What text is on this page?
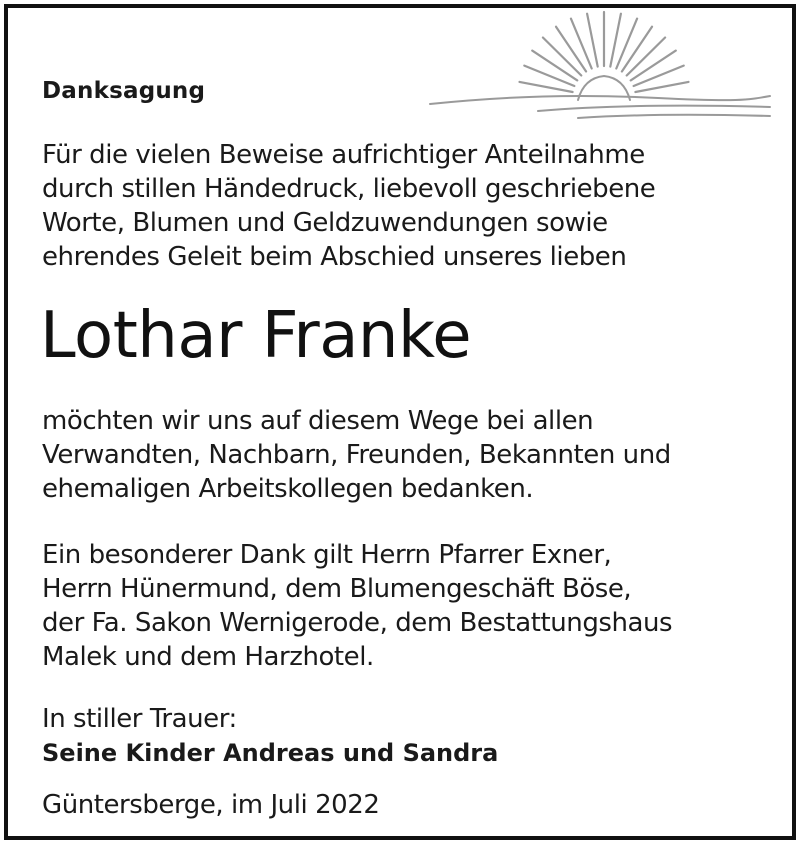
Danksagung

Für die vielen Beweise aufrichtiger Anteilnahme
durch stillen Händedruck, liebevoll geschriebene
Worte, Blumen und Geldzuwendungen sowie
ehrendes Geleit beim Abschied unseres lieben

Lothar Franke

möchten wir uns auf diesem Wege bei allen
Verwandten, Nachbarn, Freunden, Bekannten und
ehemaligen Arbeitskollegen bedanken.

Ein besonderer Dank gilt Herrn Pfarrer Exner,
Herrn Hünermund, dem Blumengeschäft Böse,
der Fa. Sakon Wernigerode, dem Bestattungshaus
Malek und dem Harzhotel.

In stiller Trauer:

Seine Kinder Andreas und Sandra

Güntersberge, im Juli 2022
